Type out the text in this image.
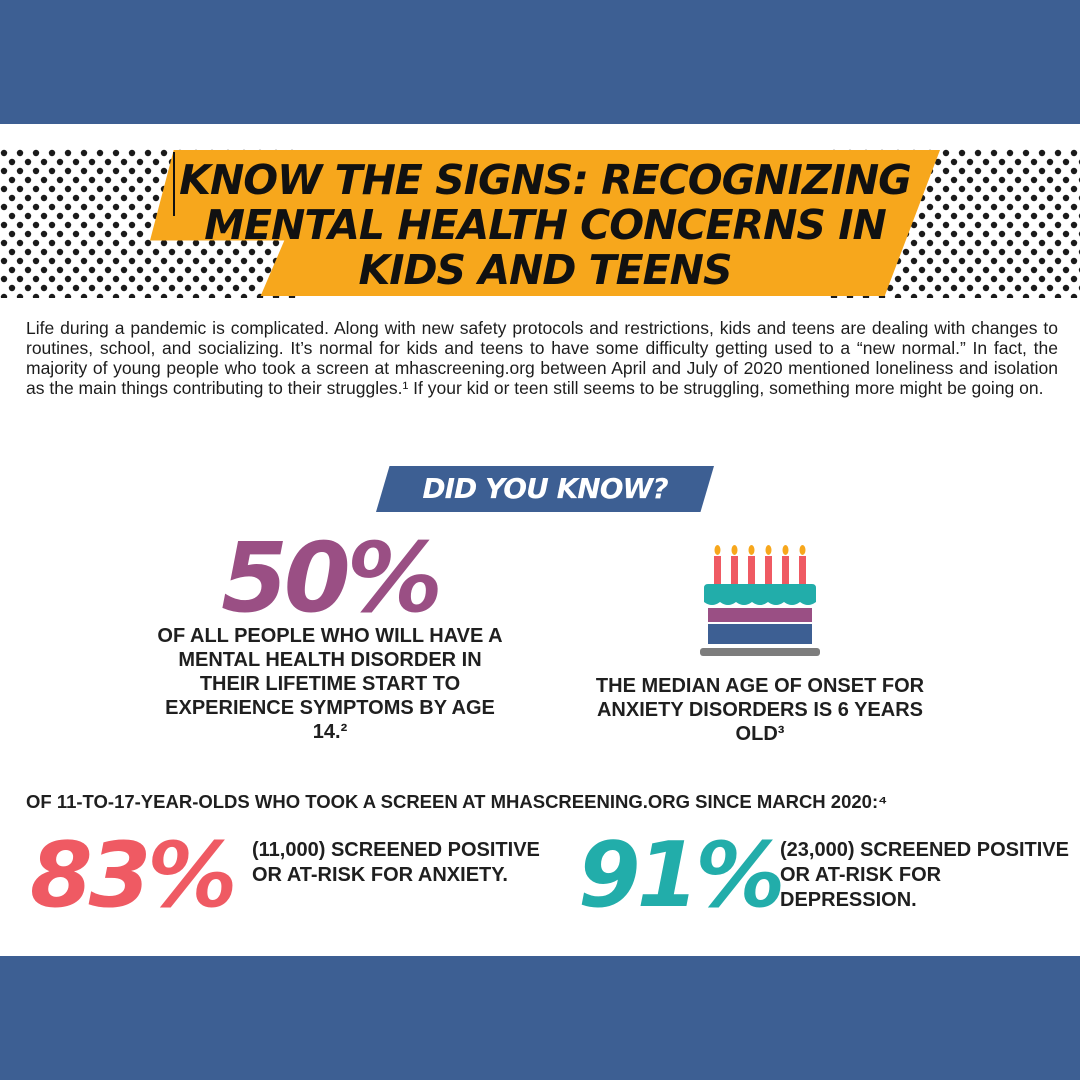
KNOW THE SIGNS: RECOGNIZING MENTAL HEALTH CONCERNS IN KIDS AND TEENS

Life during a pandemic is complicated. Along with new safety protocols and restrictions, kids and teens are dealing with changes to routines, school, and socializing. It’s normal for kids and teens to have some difficulty getting used to a “new normal.” In fact, the majority of young people who took a screen at mhascreening.org between April and July of 2020 mentioned loneliness and isolation as the main things contributing to their struggles.¹ If your kid or teen still seems to be struggling, something more might be going on.

DID YOU KNOW?

50%

OF ALL PEOPLE WHO WILL HAVE A MENTAL HEALTH DISORDER IN THEIR LIFETIME START TO EXPERIENCE SYMPTOMS BY AGE 14.²

THE MEDIAN AGE OF ONSET FOR ANXIETY DISORDERS IS 6 YEARS OLD³

OF 11-TO-17-YEAR-OLDS WHO TOOK A SCREEN AT MHASCREENING.ORG SINCE MARCH 2020:⁴

83% (11,000) SCREENED POSITIVE OR AT-RISK FOR ANXIETY. 91%

(23,000) SCREENED POSITIVE OR AT-RISK FOR DEPRESSION.
